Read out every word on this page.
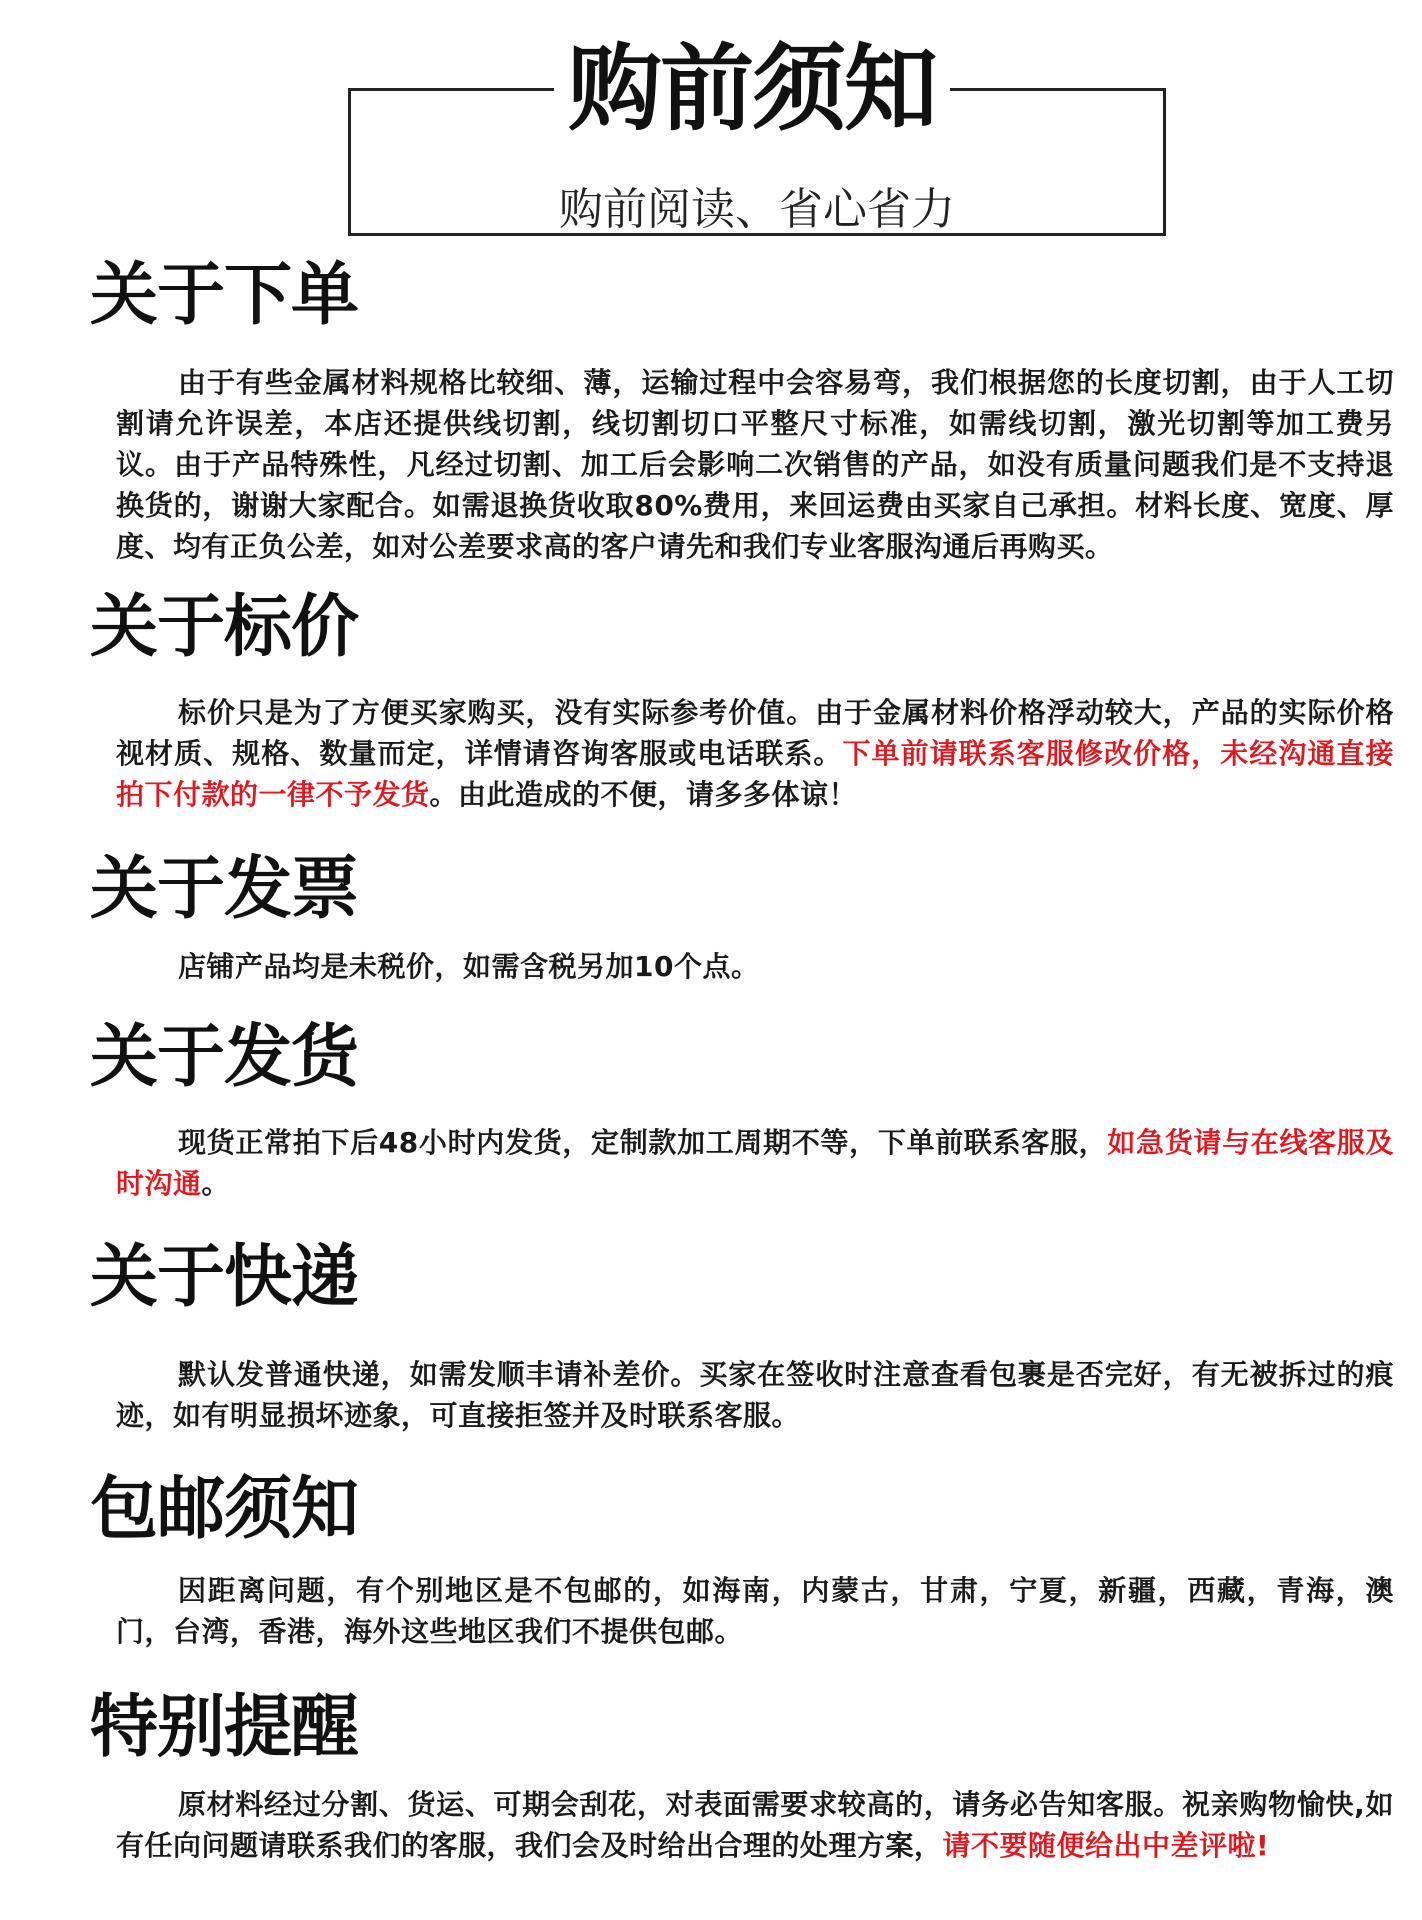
购前须知
购前阅读、省心省力
关于下单
由于有些金属材料规格比较细、薄，运输过程中会容易弯，我们根据您的长度切割，由于人工切割请允许误差，本店还提供线切割，线切割切口平整尺寸标准，如需线切割，激光切割等加工费另议。由于产品特殊性，凡经过切割、加工后会影响二次销售的产品，如没有质量问题我们是不支持退换货的，谢谢大家配合。如需退换货收取80%费用，来回运费由买家自己承担。材料长度、宽度、厚度、均有正负公差，如对公差要求高的客户请先和我们专业客服沟通后再购买。
关于标价
标价只是为了方便买家购买，没有实际参考价值。由于金属材料价格浮动较大，产品的实际价格视材质、规格、数量而定，详情请咨询客服或电话联系。下单前请联系客服修改价格，未经沟通直接拍下付款的一律不予发货。由此造成的不便，请多多体谅！
关于发票
店铺产品均是未税价，如需含税另加10个点。
关于发货
现货正常拍下后48小时内发货，定制款加工周期不等，下单前联系客服，如急货请与在线客服及时沟通。
关于快递
默认发普通快递，如需发顺丰请补差价。买家在签收时注意查看包裹是否完好，有无被拆过的痕迹，如有明显损坏迹象，可直接拒签并及时联系客服。
包邮须知
因距离问题，有个别地区是不包邮的，如海南，内蒙古，甘肃，宁夏，新疆，西藏，青海，澳门，台湾，香港，海外这些地区我们不提供包邮。
特别提醒
原材料经过分割、货运、可期会刮花，对表面需要求较高的，请务必告知客服。祝亲购物愉快,如有任向问题请联系我们的客服，我们会及时给出合理的处理方案，请不要随便给出中差评啦!
